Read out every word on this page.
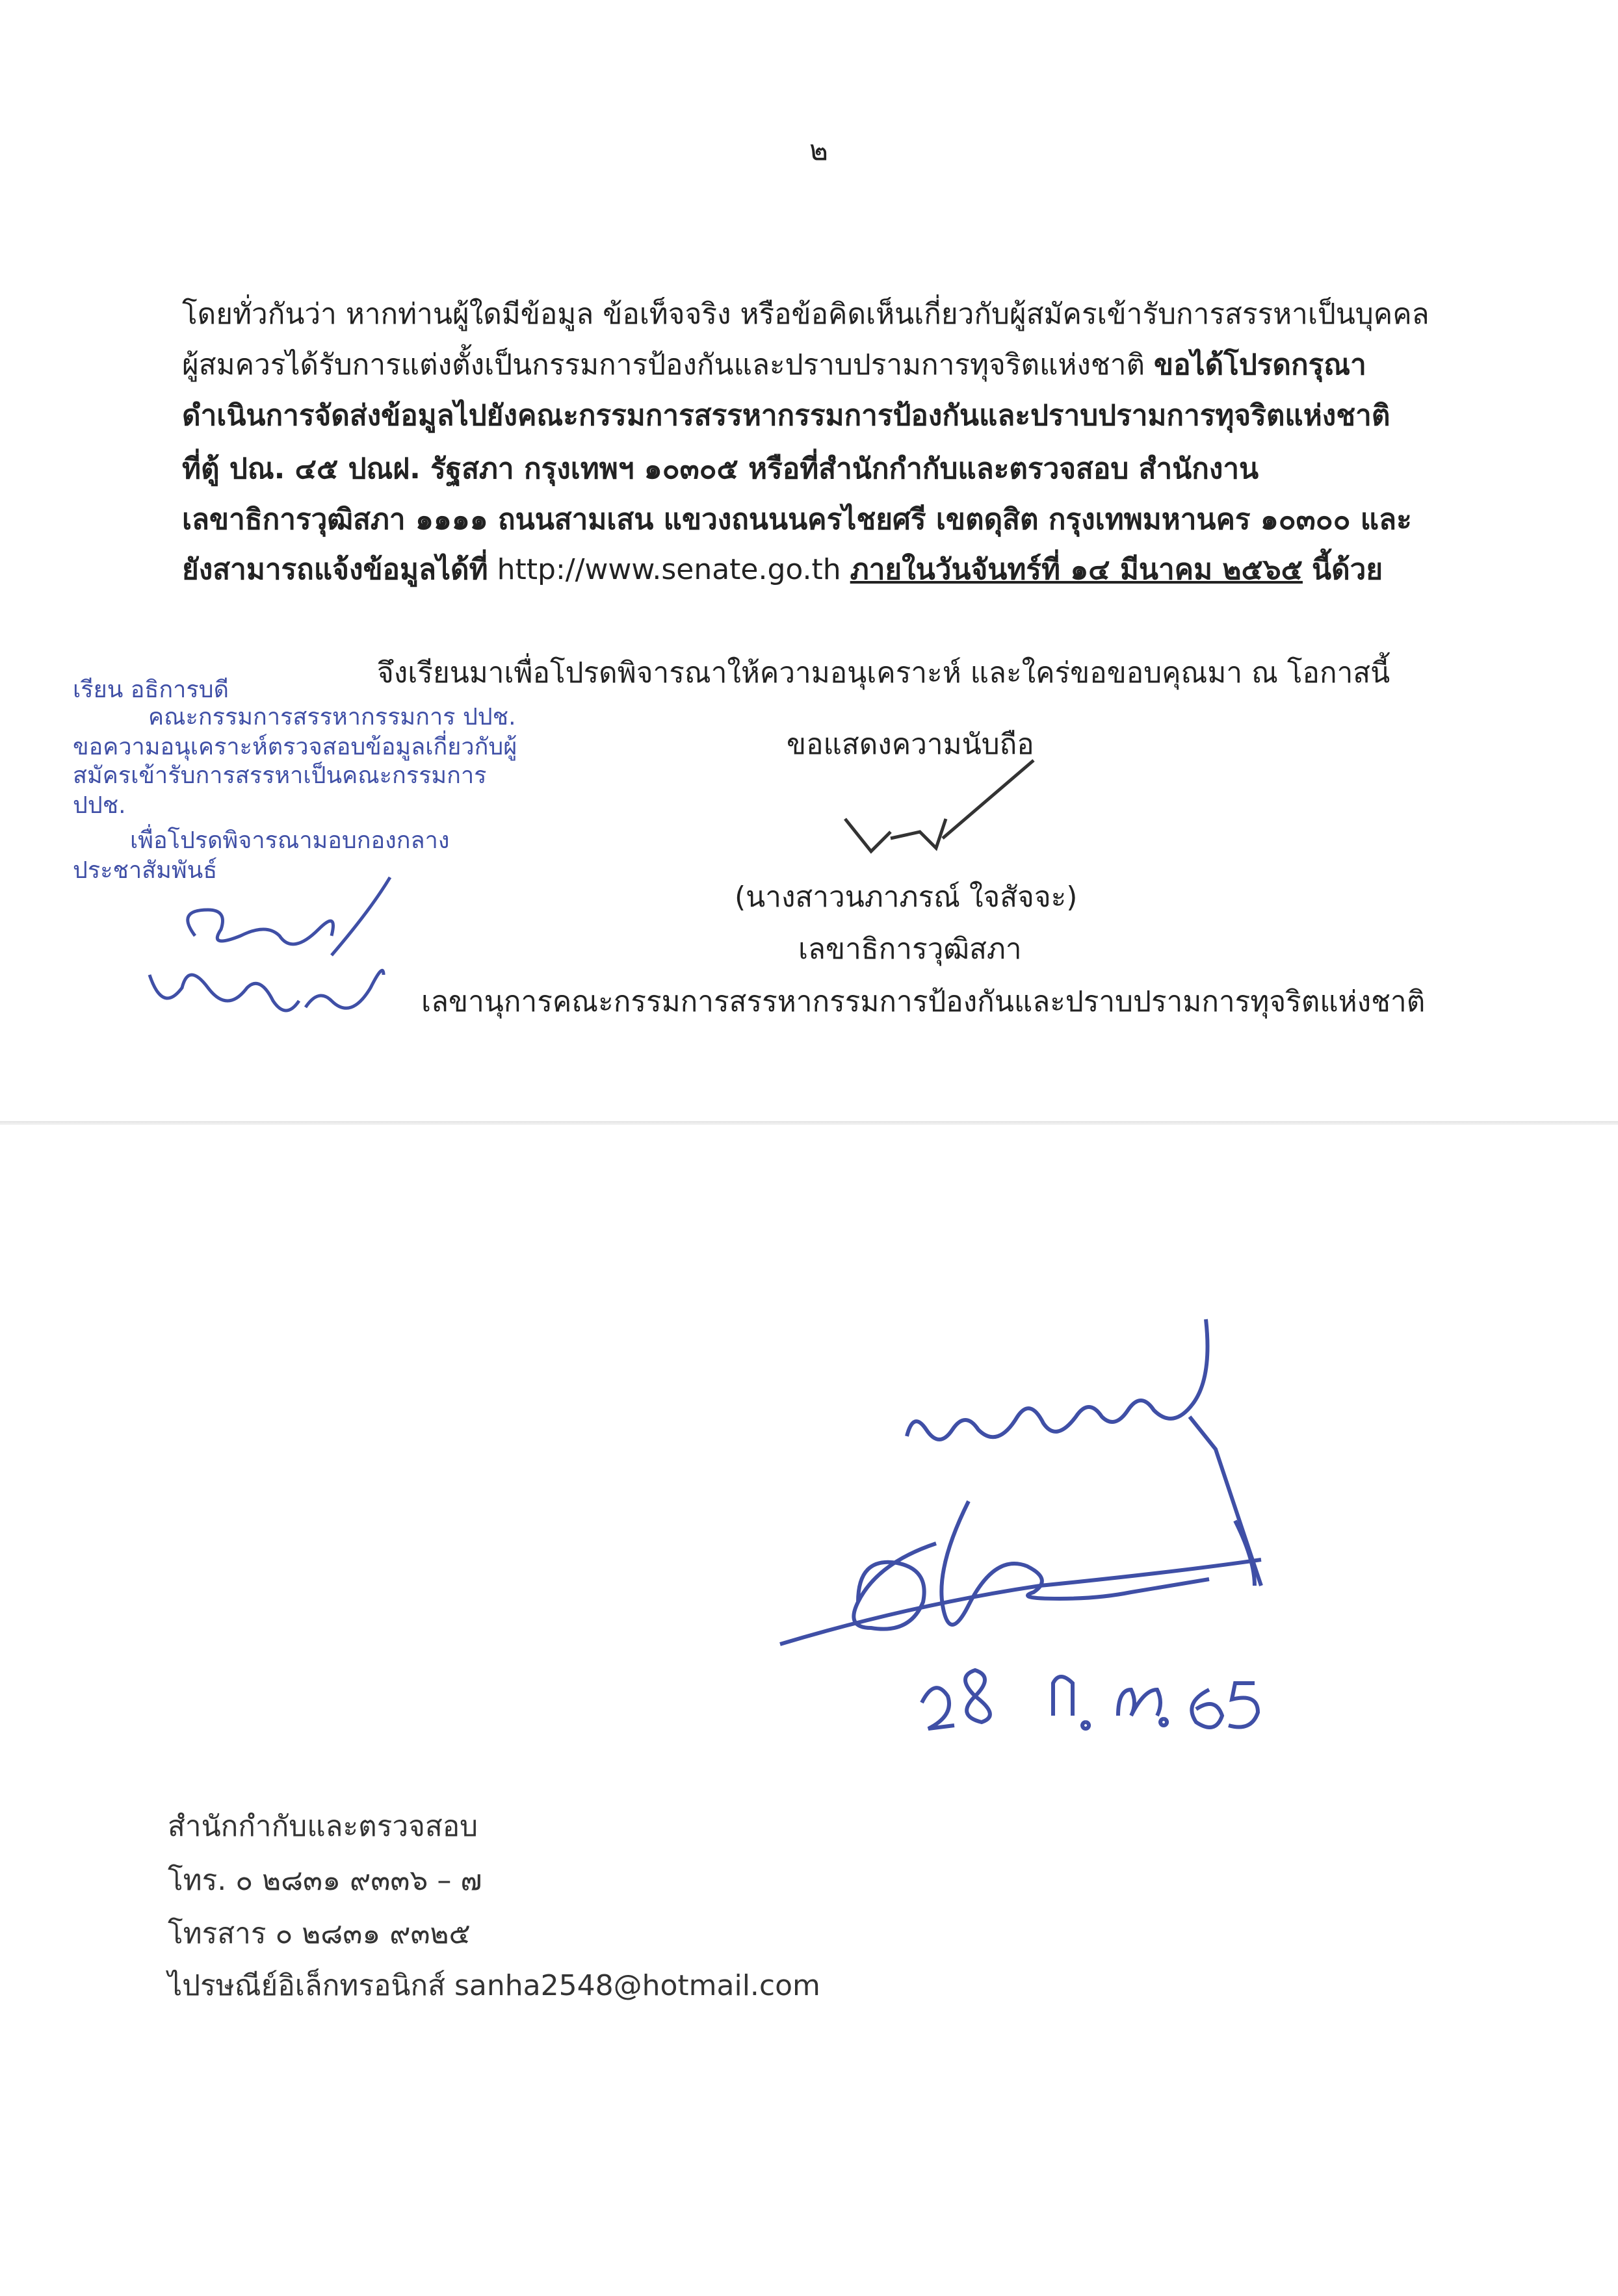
๒
โดยทั่วกันว่า หากท่านผู้ใดมีข้อมูล ข้อเท็จจริง หรือข้อคิดเห็นเกี่ยวกับผู้สมัครเข้ารับการสรรหาเป็นบุคคล
ผู้สมควรได้รับการแต่งตั้งเป็นกรรมการป้องกันและปราบปรามการทุจริตแห่งชาติ ขอได้โปรดกรุณา
ดำเนินการจัดส่งข้อมูลไปยังคณะกรรมการสรรหากรรมการป้องกันและปราบปรามการทุจริตแห่งชาติ
ที่ตู้ ปณ. ๔๕ ปณฝ. รัฐสภา กรุงเทพฯ ๑๐๓๐๕ หรือที่สำนักกำกับและตรวจสอบ สำนักงาน
เลขาธิการวุฒิสภา ๑๑๑๑ ถนนสามเสน แขวงถนนนครไชยศรี เขตดุสิต กรุงเทพมหานคร ๑๐๓๐๐ และ
ยังสามารถแจ้งข้อมูลได้ที่ http://www.senate.go.th ภายในวันจันทร์ที่ ๑๔ มีนาคม ๒๕๖๕ นี้ด้วย
จึงเรียนมาเพื่อโปรดพิจารณาให้ความอนุเคราะห์ และใคร่ขอขอบคุณมา ณ โอกาสนี้
เรียน อธิการบดี
คณะกรรมการสรรหากรรมการ ปปช.
ขอความอนุเคราะห์ตรวจสอบข้อมูลเกี่ยวกับผู้
สมัครเข้ารับการสรรหาเป็นคณะกรรมการ
ปปช.
เพื่อโปรดพิจารณามอบกองกลาง
ประชาสัมพันธ์
ขอแสดงความนับถือ
(นางสาวนภาภรณ์ ใจสัจจะ)
เลขาธิการวุฒิสภา
เลขานุการคณะกรรมการสรรหากรรมการป้องกันและปราบปรามการทุจริตแห่งชาติ
สำนักกำกับและตรวจสอบ
โทร. ๐ ๒๘๓๑ ๙๓๓๖ – ๗
โทรสาร ๐ ๒๘๓๑ ๙๓๒๕
ไปรษณีย์อิเล็กทรอนิกส์ sanha2548@hotmail.com
